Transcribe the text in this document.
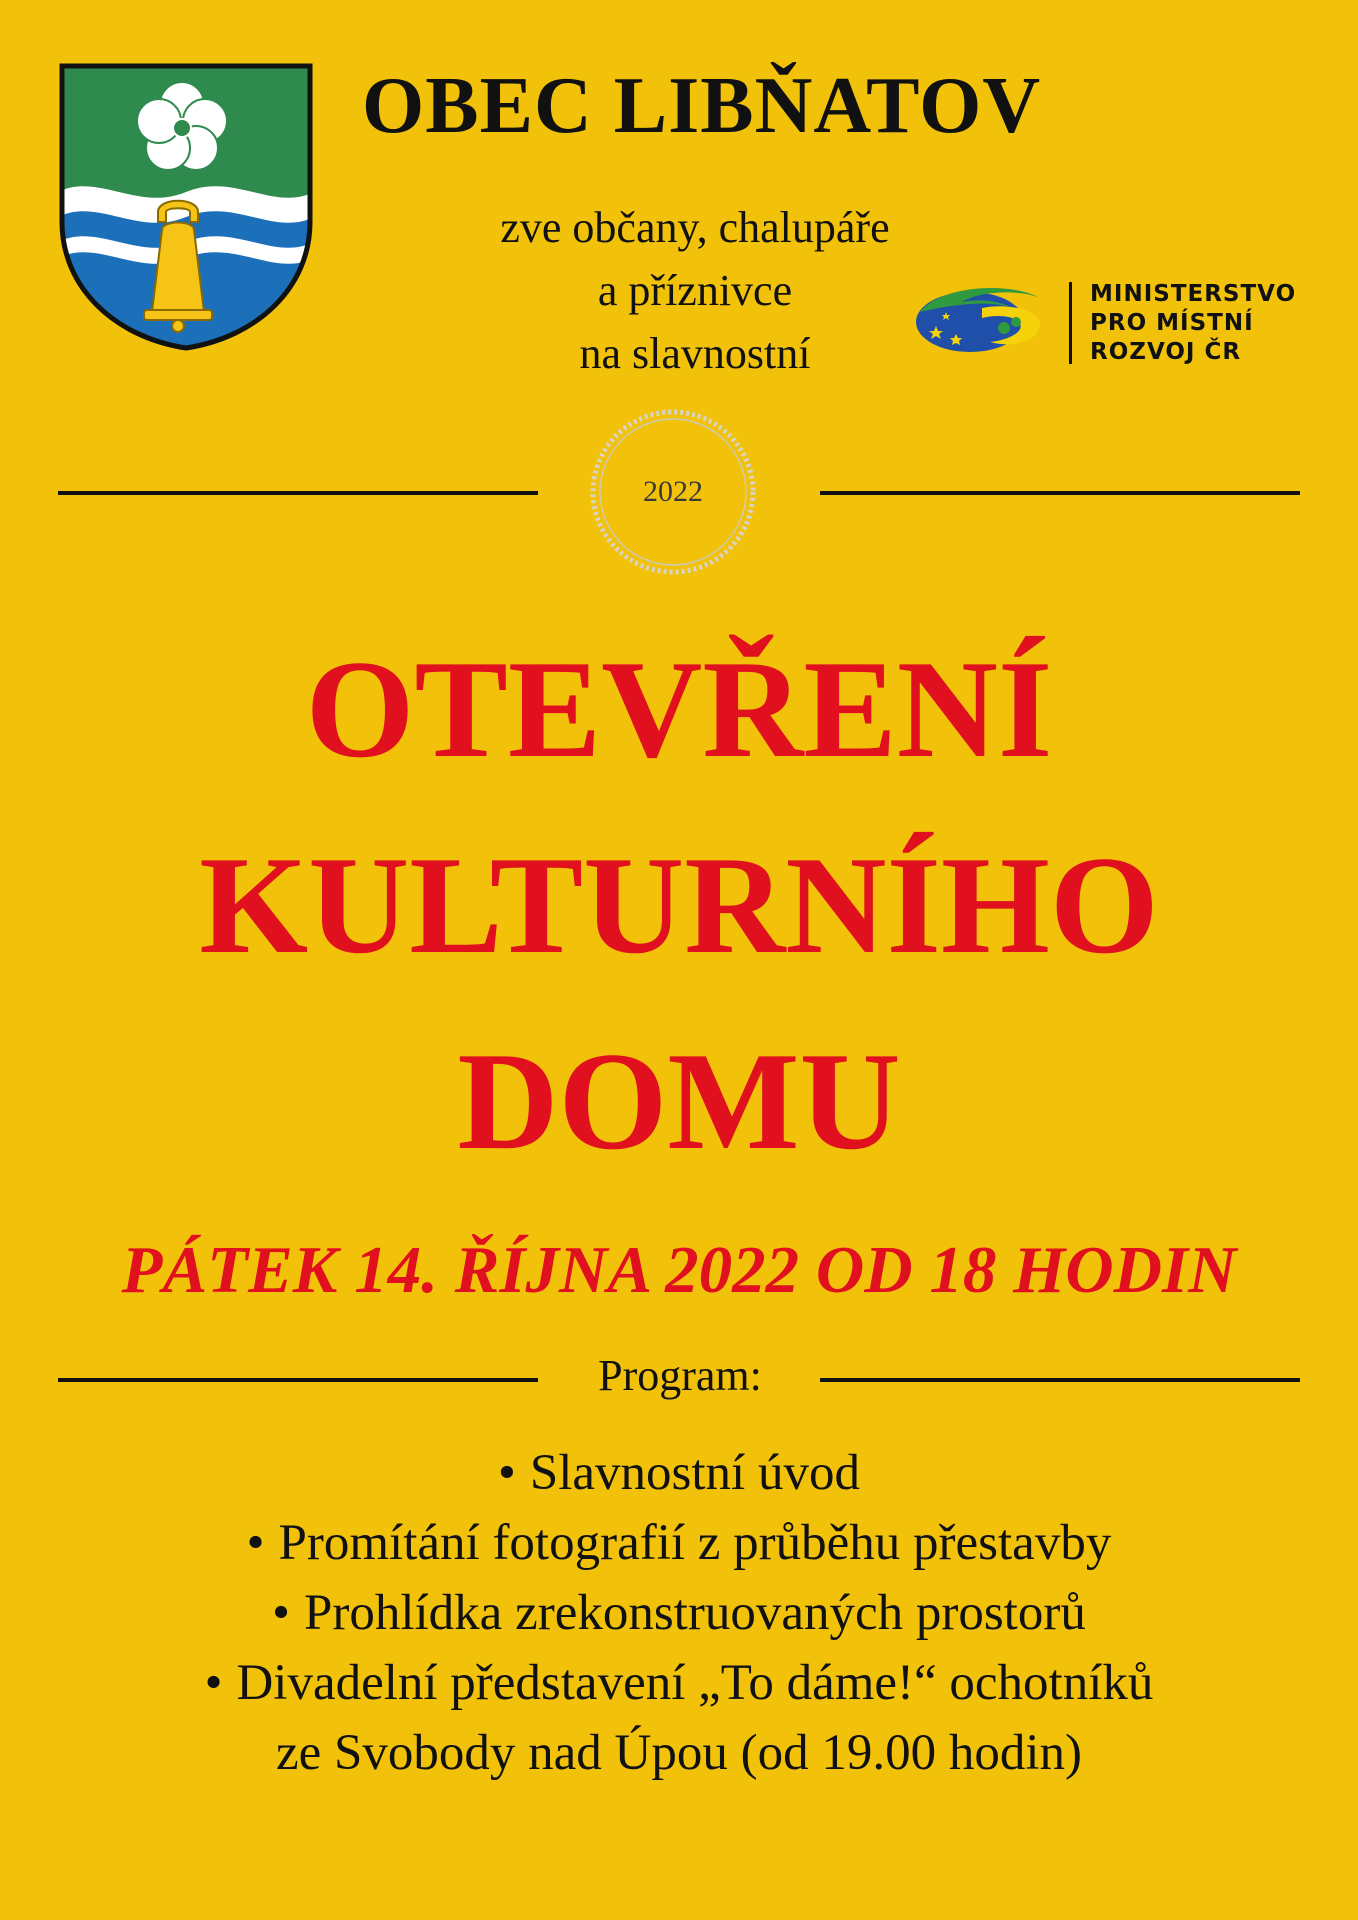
OBEC LIBŇATOV
zve občany, chalupáře
a příznivce
na slavnostní
MINISTERSTVO
PRO MÍSTNÍ
ROZVOJ ČR
2022
OTEVŘENÍ
KULTURNÍHO
DOMU
PÁTEK 14. ŘÍJNA 2022 OD 18 HODIN
Program:
• Slavnostní úvod
• Promítání fotografií z průběhu přestavby
• Prohlídka zrekonstruovaných prostorů
• Divadelní představení „To dáme!“ ochotníků
ze Svobody nad Úpou (od 19.00 hodin)
